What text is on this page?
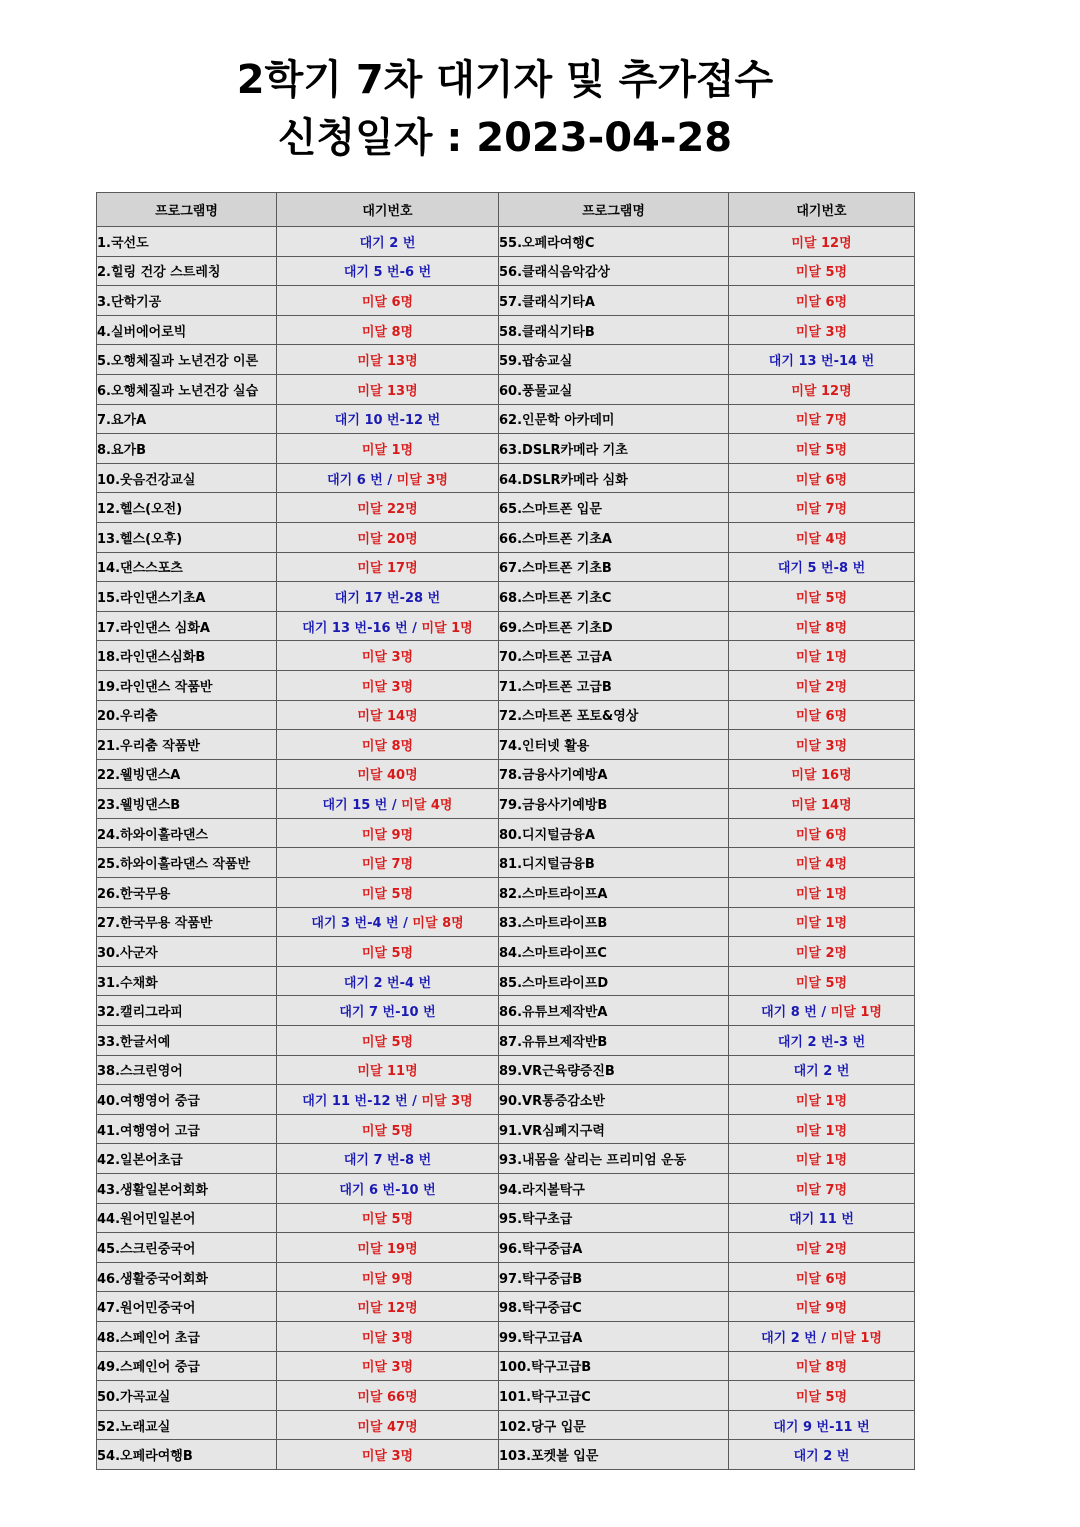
2학기 7차 대기자 및 추가접수
신청일자 : 2023-04-28
프로그램명	대기번호	프로그램명	대기번호
1.국선도	대기 2 번	55.오페라여행C	미달 12명
2.힐링 건강 스트레칭	대기 5 번-6 번	56.클래식음악감상	미달 5명
3.단학기공	미달 6명	57.클래식기타A	미달 6명
4.실버에어로빅	미달 8명	58.클래식기타B	미달 3명
5.오행체질과 노년건강 이론	미달 13명	59.팝송교실	대기 13 번-14 번
6.오행체질과 노년건강 실습	미달 13명	60.풍물교실	미달 12명
7.요가A	대기 10 번-12 번	62.인문학 아카데미	미달 7명
8.요가B	미달 1명	63.DSLR카메라 기초	미달 5명
10.웃음건강교실	대기 6 번 / 미달 3명	64.DSLR카메라 심화	미달 6명
12.헬스(오전)	미달 22명	65.스마트폰 입문	미달 7명
13.헬스(오후)	미달 20명	66.스마트폰 기초A	미달 4명
14.댄스스포츠	미달 17명	67.스마트폰 기초B	대기 5 번-8 번
15.라인댄스기초A	대기 17 번-28 번	68.스마트폰 기초C	미달 5명
17.라인댄스 심화A	대기 13 번-16 번 / 미달 1명	69.스마트폰 기초D	미달 8명
18.라인댄스심화B	미달 3명	70.스마트폰 고급A	미달 1명
19.라인댄스 작품반	미달 3명	71.스마트폰 고급B	미달 2명
20.우리춤	미달 14명	72.스마트폰 포토&영상	미달 6명
21.우리춤 작품반	미달 8명	74.인터넷 활용	미달 3명
22.웰빙댄스A	미달 40명	78.금융사기예방A	미달 16명
23.웰빙댄스B	대기 15 번 / 미달 4명	79.금융사기예방B	미달 14명
24.하와이훌라댄스	미달 9명	80.디지털금융A	미달 6명
25.하와이훌라댄스 작품반	미달 7명	81.디지털금융B	미달 4명
26.한국무용	미달 5명	82.스마트라이프A	미달 1명
27.한국무용 작품반	대기 3 번-4 번 / 미달 8명	83.스마트라이프B	미달 1명
30.사군자	미달 5명	84.스마트라이프C	미달 2명
31.수채화	대기 2 번-4 번	85.스마트라이프D	미달 5명
32.캘리그라피	대기 7 번-10 번	86.유튜브제작반A	대기 8 번 / 미달 1명
33.한글서예	미달 5명	87.유튜브제작반B	대기 2 번-3 번
38.스크린영어	미달 11명	89.VR근육량증진B	대기 2 번
40.여행영어 중급	대기 11 번-12 번 / 미달 3명	90.VR통증감소반	미달 1명
41.여행영어 고급	미달 5명	91.VR심폐지구력	미달 1명
42.일본어초급	대기 7 번-8 번	93.내몸을 살리는 프리미엄 운동	미달 1명
43.생활일본어회화	대기 6 번-10 번	94.라지볼탁구	미달 7명
44.원어민일본어	미달 5명	95.탁구초급	대기 11 번
45.스크린중국어	미달 19명	96.탁구중급A	미달 2명
46.생활중국어회화	미달 9명	97.탁구중급B	미달 6명
47.원어민중국어	미달 12명	98.탁구중급C	미달 9명
48.스페인어 초급	미달 3명	99.탁구고급A	대기 2 번 / 미달 1명
49.스페인어 중급	미달 3명	100.탁구고급B	미달 8명
50.가곡교실	미달 66명	101.탁구고급C	미달 5명
52.노래교실	미달 47명	102.당구 입문	대기 9 번-11 번
54.오페라여행B	미달 3명	103.포켓볼 입문	대기 2 번
